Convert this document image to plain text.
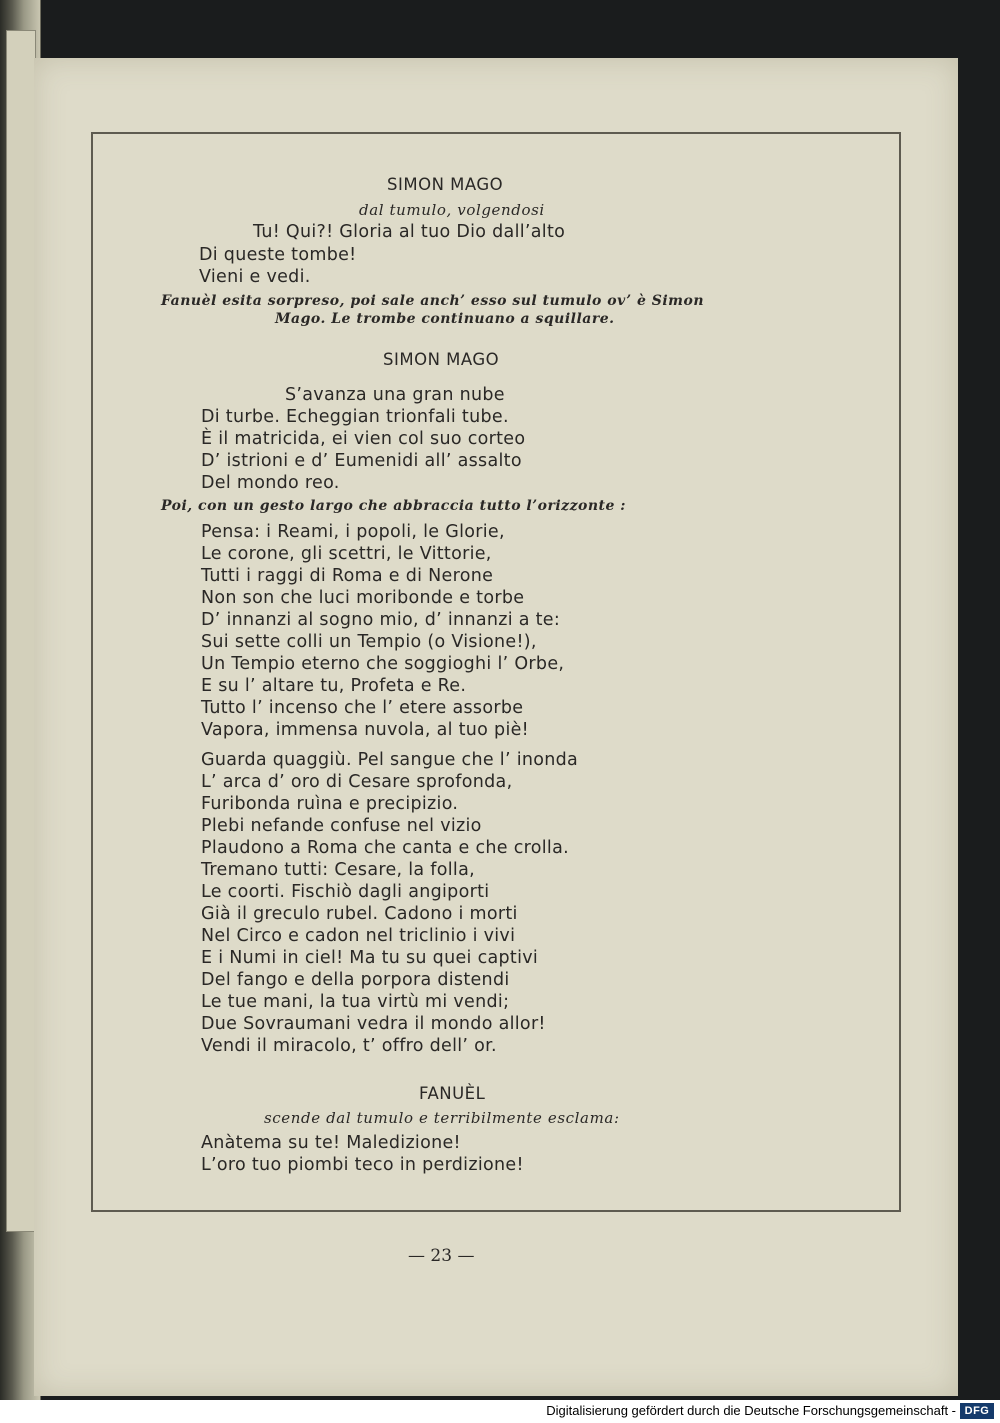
SIMON MAGO

dal tumulo, volgendosi

Tu! Qui?! Gloria al tuo Dio dall’alto

Di queste tombe!

Vieni e vedi.

Fanuèl esita sorpreso, poi sale anch’ esso sul tumulo ov’ è Simon

Mago. Le trombe continuano a squillare.

SIMON MAGO

S’avanza una gran nube

Di turbe. Echeggian trionfali tube.

È il matricida, ei vien col suo corteo

D’ istrioni e d’ Eumenidi all’ assalto

Del mondo reo.

Poi, con un gesto largo che abbraccia tutto l’orizzonte :

Pensa: i Reami, i popoli, le Glorie,

Le corone, gli scettri, le Vittorie,

Tutti i raggi di Roma e di Nerone

Non son che luci moribonde e torbe

D’ innanzi al sogno mio, d’ innanzi a te:

Sui sette colli un Tempio (o Visione!),

Un Tempio eterno che soggioghi l’ Orbe,

E su l’ altare tu, Profeta e Re.

Tutto l’ incenso che l’ etere assorbe

Vapora, immensa nuvola, al tuo piè!

Guarda quaggiù. Pel sangue che l’ inonda

L’ arca d’ oro di Cesare sprofonda,

Furibonda ruìna e precipizio.

Plebi nefande confuse nel vizio

Plaudono a Roma che canta e che crolla.

Tremano tutti: Cesare, la folla,

Le coorti. Fischiò dagli angiporti

Già il greculo rubel. Cadono i morti

Nel Circo e cadon nel triclinio i vivi

E i Numi in ciel! Ma tu su quei captivi

Del fango e della porpora distendi

Le tue mani, la tua virtù mi vendi;

Due Sovraumani vedra il mondo allor!

Vendi il miracolo, t’ offro dell’ or.

FANUÈL

scende dal tumulo e terribilmente esclama:

Anàtema su te! Maledizione!

L’oro tuo piombi teco in perdizione!

— 23 —

Digitalisierung gefördert durch die Deutsche Forschungsgemeinschaft - DFG
